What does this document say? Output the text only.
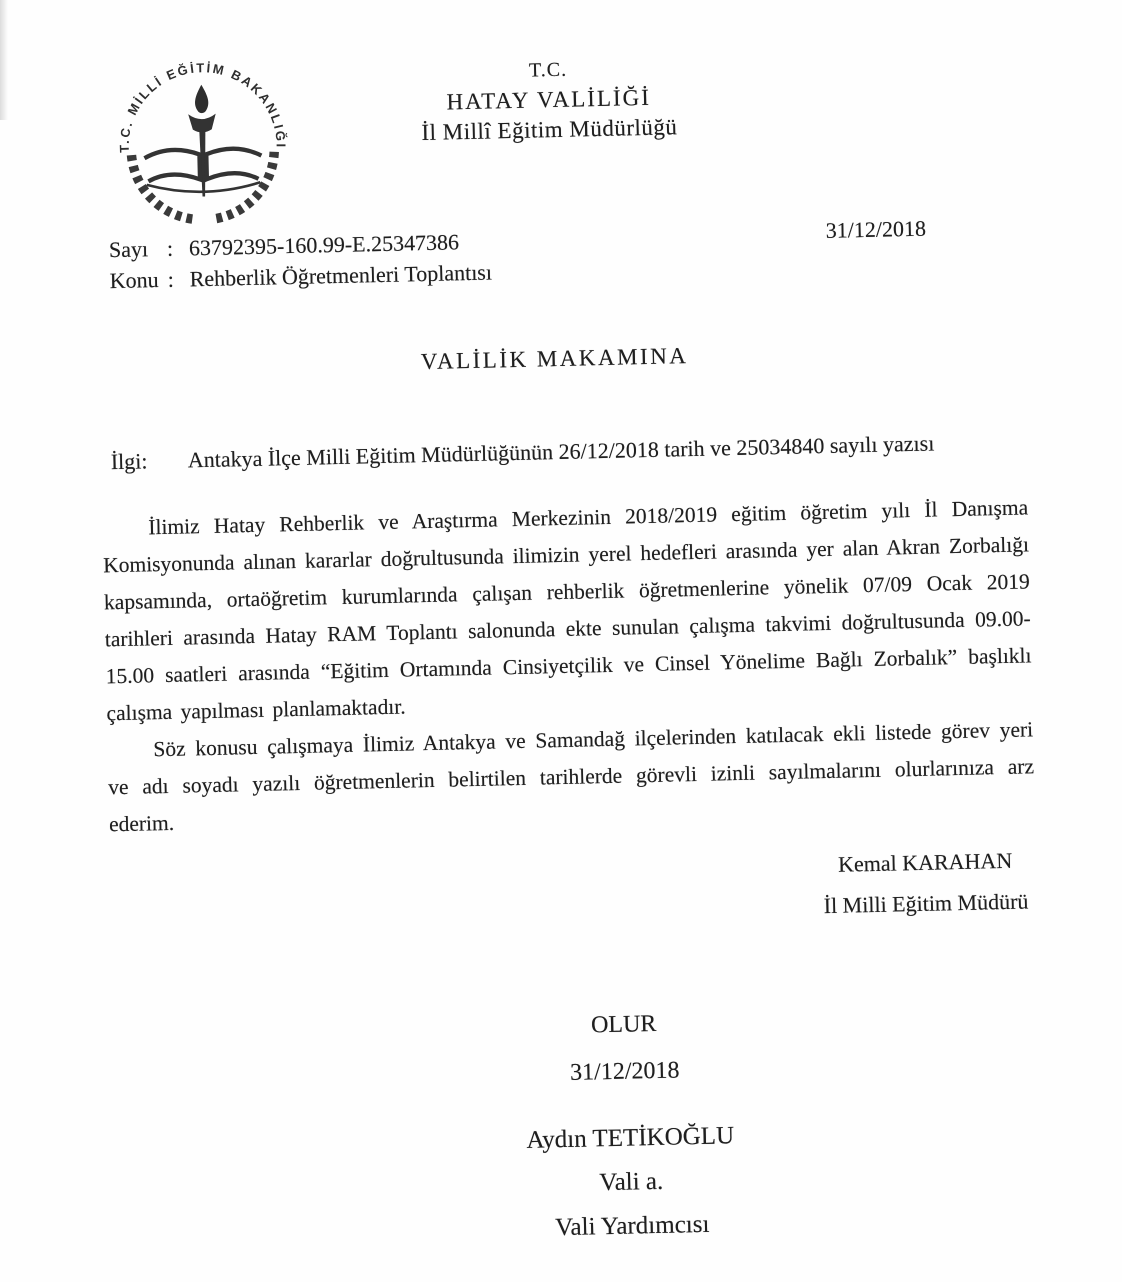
T.C. MİLLİ EĞİTİM BAKANLIĞI
T.C.
HATAY VALİLİĞİ
İl Millî Eğitim Müdürlüğü
Sayı : 63792395-160.99-E.25347386
Konu : Rehberlik Öğretmenleri Toplantısı
31/12/2018
VALİLİK MAKAMINA
İlgi:	Antakya İlçe Milli Eğitim Müdürlüğünün 26/12/2018 tarih ve 25034840 sayılı yazısı

İlimiz Hatay Rehberlik ve Araştırma Merkezinin 2018/2019 eğitim öğretim yılı İl Danışma Komisyonunda alınan kararlar doğrultusunda ilimizin yerel hedefleri arasında yer alan Akran Zorbalığı kapsamında, ortaöğretim kurumlarında çalışan rehberlik öğretmenlerine yönelik 07/09 Ocak 2019 tarihleri arasında Hatay RAM Toplantı salonunda ekte sunulan çalışma takvimi doğrultusunda 09.00-15.00 saatleri arasında “Eğitim Ortamında Cinsiyetçilik ve Cinsel Yönelime Bağlı Zorbalık” başlıklı çalışma yapılması planlamaktadır.

Söz konusu çalışmaya İlimiz Antakya ve Samandağ ilçelerinden katılacak ekli listede görev yeri ve adı soyadı yazılı öğretmenlerin belirtilen tarihlerde görevli izinli sayılmalarını olurlarınıza arz ederim.

Kemal KARAHAN
İl Milli Eğitim Müdürü
OLUR
31/12/2018
Aydın TETİKOĞLU
Vali a.
Vali Yardımcısı
